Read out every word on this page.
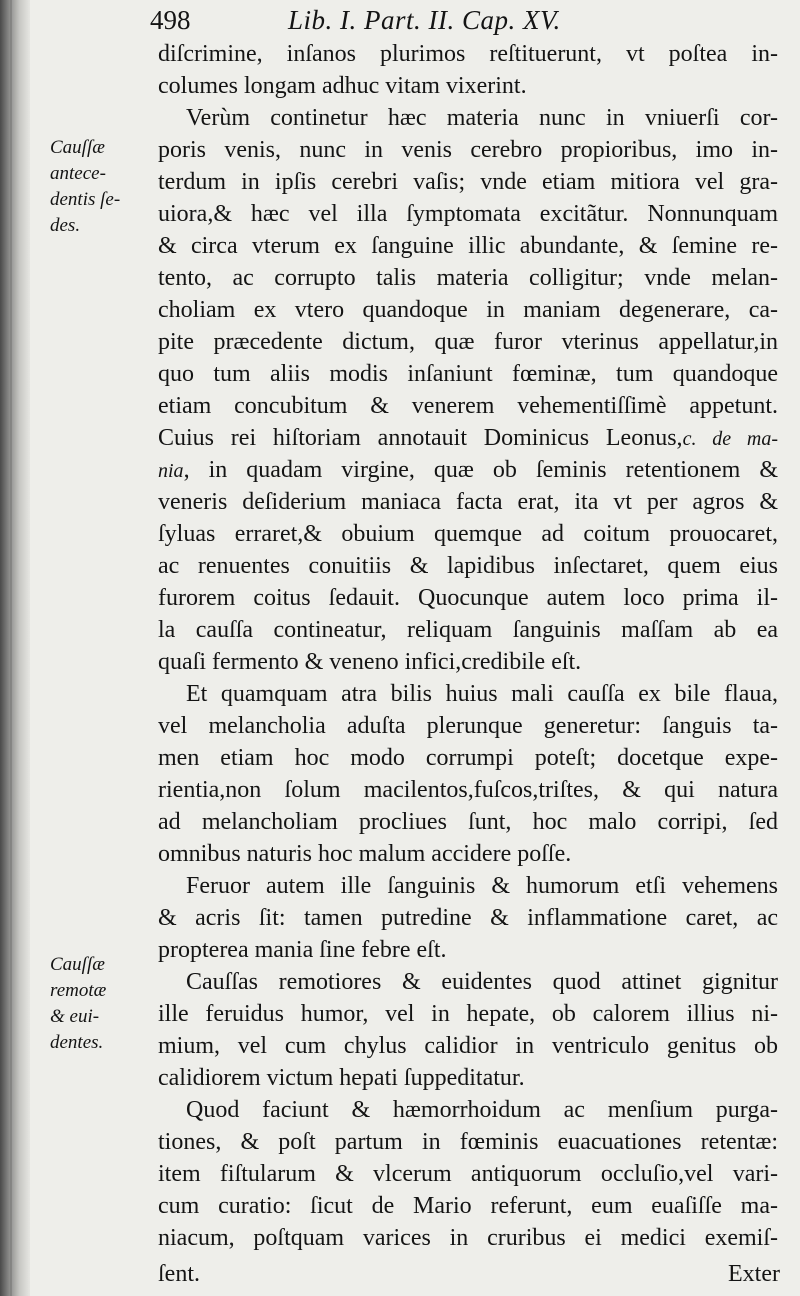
498	Lib. I. Part. II. Cap. XV.
Cauſſæ
antece-
dentis ſe-
des.
Cauſſæ
remotæ
& eui-
dentes.
diſcrimine, inſanos plurimos reſtituerunt, vt poſtea in-
columes longam adhuc vitam vixerint.
Verùm continetur hæc materia nunc in vniuerſi cor-
poris venis, nunc in venis cerebro propioribus, imo in-
terdum in ipſis cerebri vaſis; vnde etiam mitiora vel gra-
uiora,& hæc vel illa ſymptomata excitãtur. Nonnunquam
& circa vterum ex ſanguine illic abundante, & ſemine re-
tento, ac corrupto talis materia colligitur; vnde melan-
choliam ex vtero quandoque in maniam degenerare, ca-
pite præcedente dictum, quæ furor vterinus appellatur,in
quo tum aliis modis inſaniunt fœminæ, tum quandoque
etiam concubitum & venerem vehementiſſimè appetunt.
Cuius rei hiſtoriam annotauit Dominicus Leonus,c. de ma-
nia, in quadam virgine, quæ ob ſeminis retentionem &
veneris deſiderium maniaca facta erat, ita vt per agros &
ſyluas erraret,& obuium quemque ad coitum prouocaret,
ac renuentes conuitiis & lapidibus inſectaret, quem eius
furorem coitus ſedauit. Quocunque autem loco prima il-
la cauſſa contineatur, reliquam ſanguinis maſſam ab ea
quaſi fermento & veneno infici,credibile eſt.
Et quamquam atra bilis huius mali cauſſa ex bile flaua,
vel melancholia aduſta plerunque generetur: ſanguis ta-
men etiam hoc modo corrumpi poteſt; docetque expe-
rientia,non ſolum macilentos,fuſcos,triſtes, & qui natura
ad melancholiam procliues ſunt, hoc malo corripi, ſed
omnibus naturis hoc malum accidere poſſe.
Feruor autem ille ſanguinis & humorum etſi vehemens
& acris ſit: tamen putredine & inflammatione caret, ac
propterea mania ſine febre eſt.
Cauſſas remotiores & euidentes quod attinet gignitur
ille feruidus humor, vel in hepate, ob calorem illius ni-
mium, vel cum chylus calidior in ventriculo genitus ob
calidiorem victum hepati ſuppeditatur.
Quod faciunt & hæmorrhoidum ac menſium purga-
tiones, & poſt partum in fœminis euacuationes retentæ:
item fiſtularum & vlcerum antiquorum occluſio,vel vari-
cum curatio: ſicut de Mario referunt, eum euaſiſſe ma-
niacum, poſtquam varices in cruribus ei medici exemiſ-
ſent.	Exter
